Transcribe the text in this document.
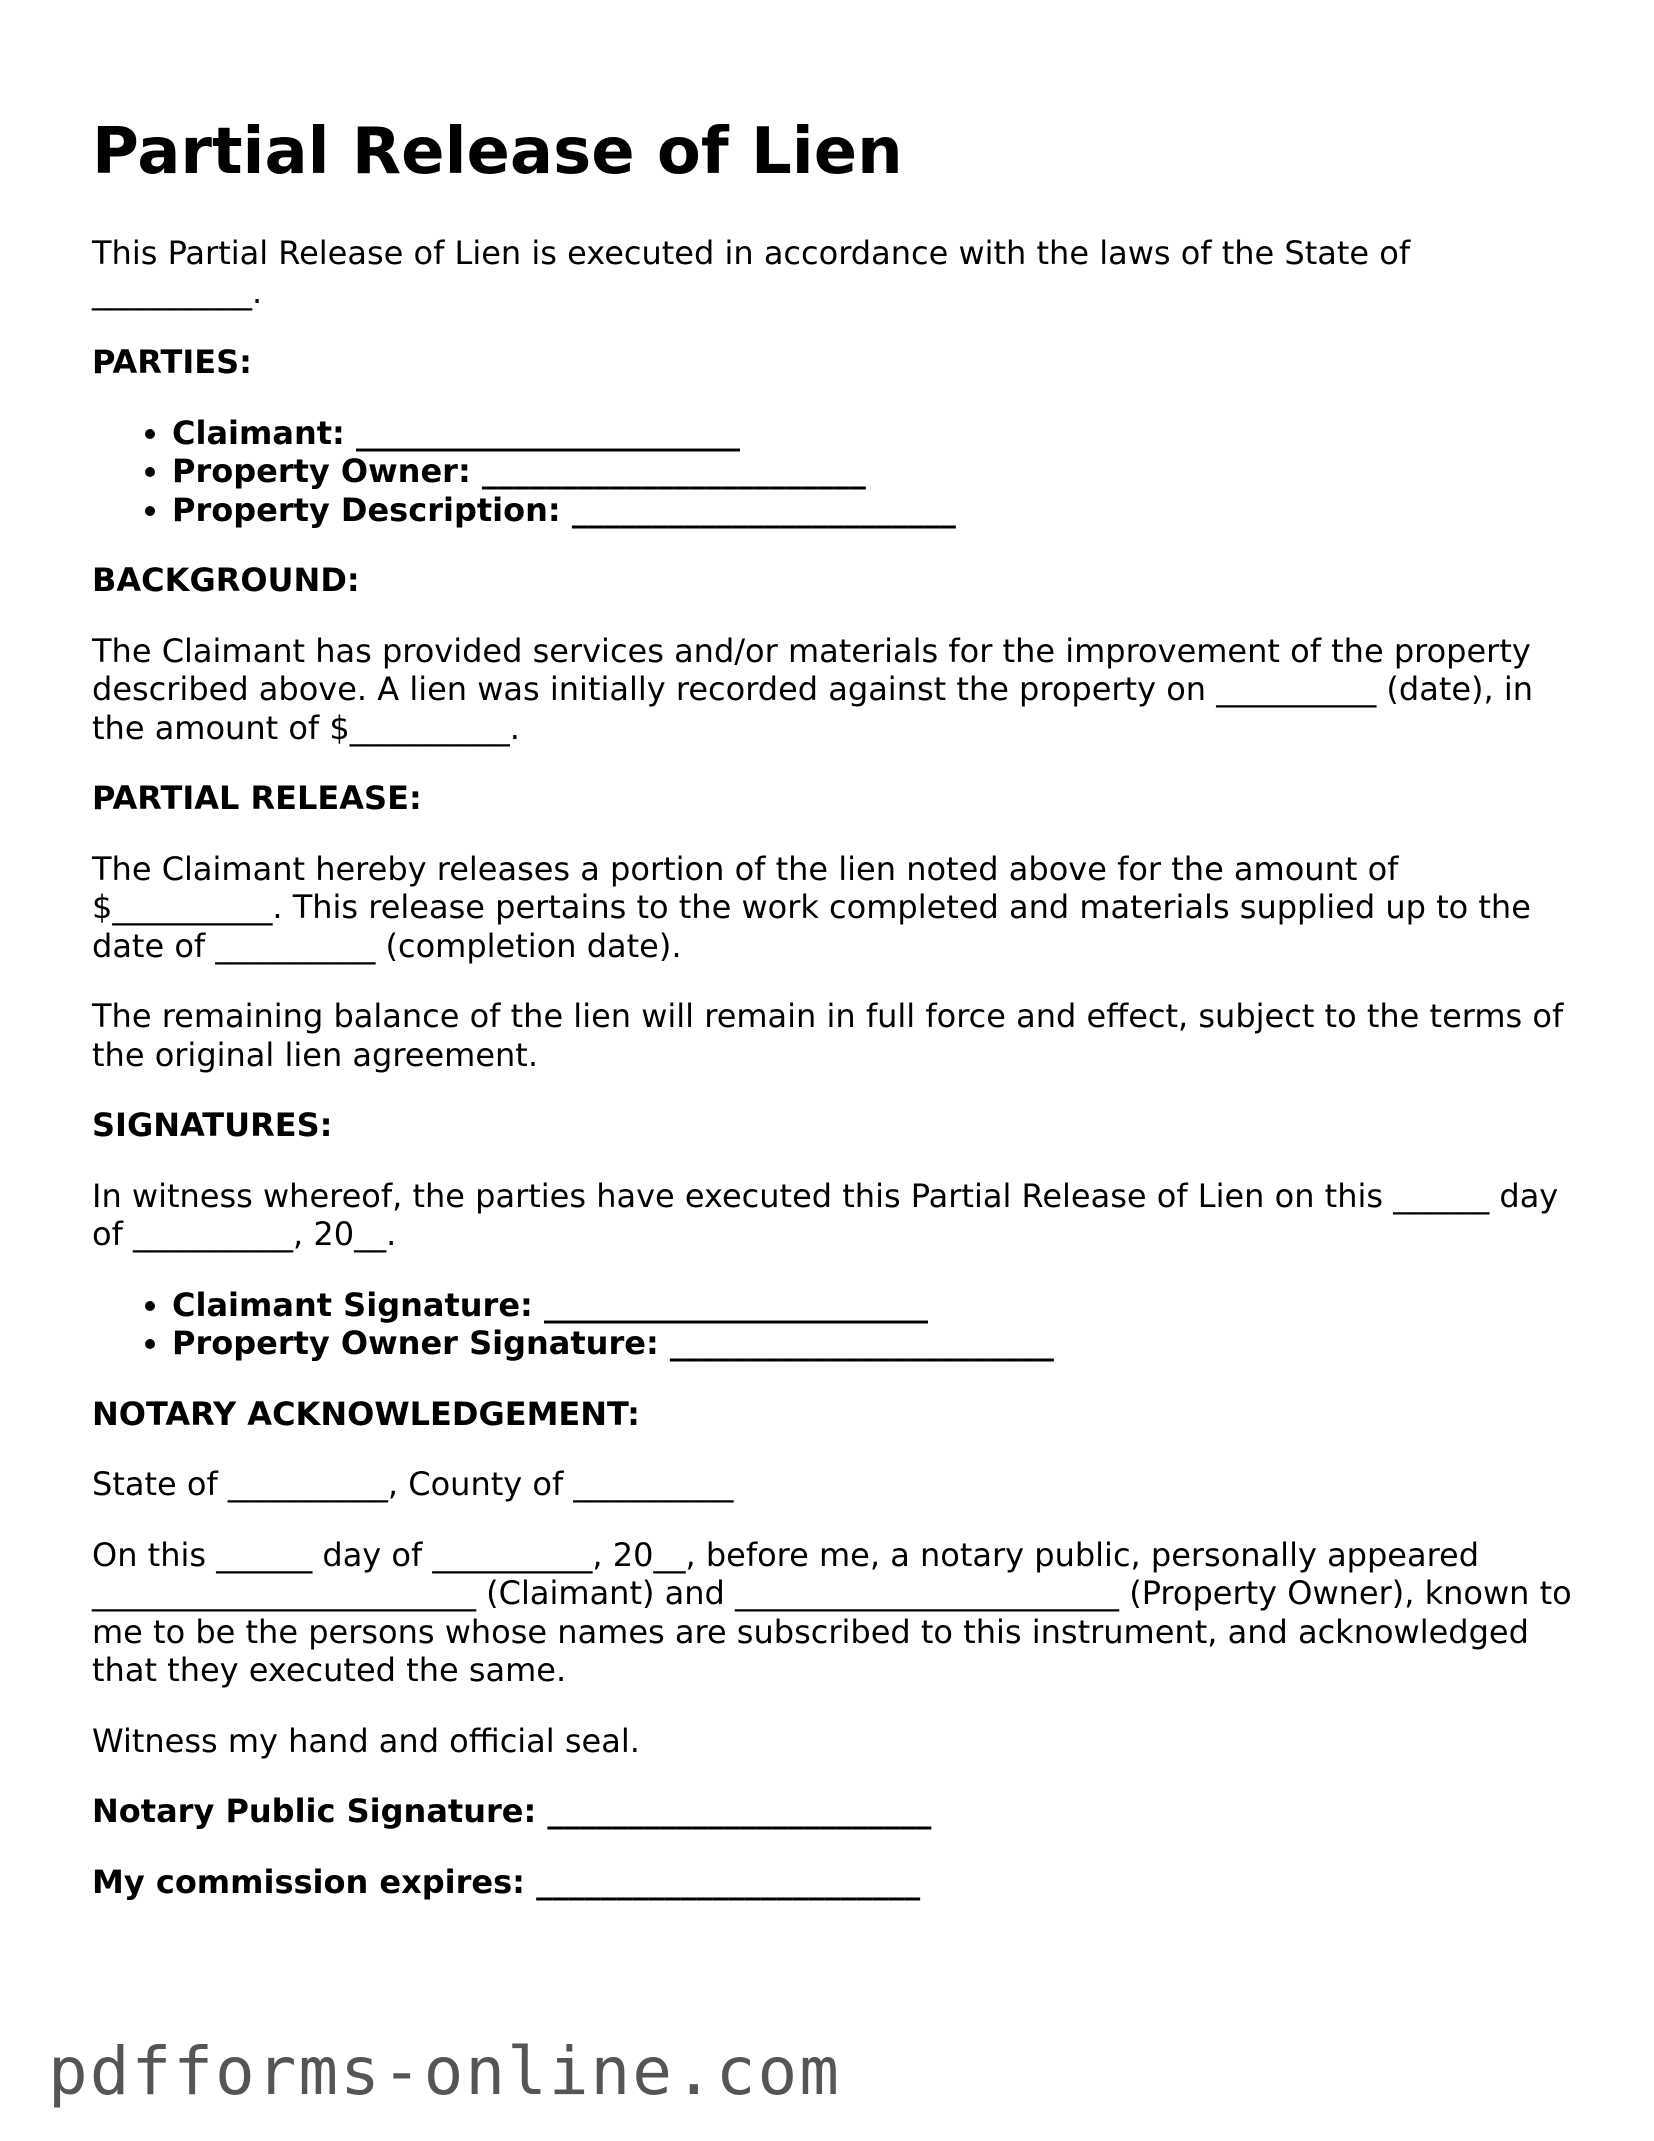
Partial Release of Lien

This Partial Release of Lien is executed in accordance with the laws of the State of
__________.

PARTIES:

• Claimant: ________________________
• Property Owner: ________________________
• Property Description: ________________________

BACKGROUND:

The Claimant has provided services and/or materials for the improvement of the property described above. A lien was initially recorded against the property on __________ (date), in the amount of $__________.

PARTIAL RELEASE:

The Claimant hereby releases a portion of the lien noted above for the amount of $__________. This release pertains to the work completed and materials supplied up to the date of __________ (completion date).

The remaining balance of the lien will remain in full force and effect, subject to the terms of the original lien agreement.

SIGNATURES:

In witness whereof, the parties have executed this Partial Release of Lien on this ______ day of __________, 20__.

• Claimant Signature: ________________________
• Property Owner Signature: ________________________

NOTARY ACKNOWLEDGEMENT:

State of __________, County of __________

On this ______ day of __________, 20__, before me, a notary public, personally appeared ________________________ (Claimant) and ________________________ (Property Owner), known to me to be the persons whose names are subscribed to this instrument, and acknowledged that they executed the same.

Witness my hand and official seal.

Notary Public Signature: ________________________

My commission expires: ________________________

pdfforms-online.com
